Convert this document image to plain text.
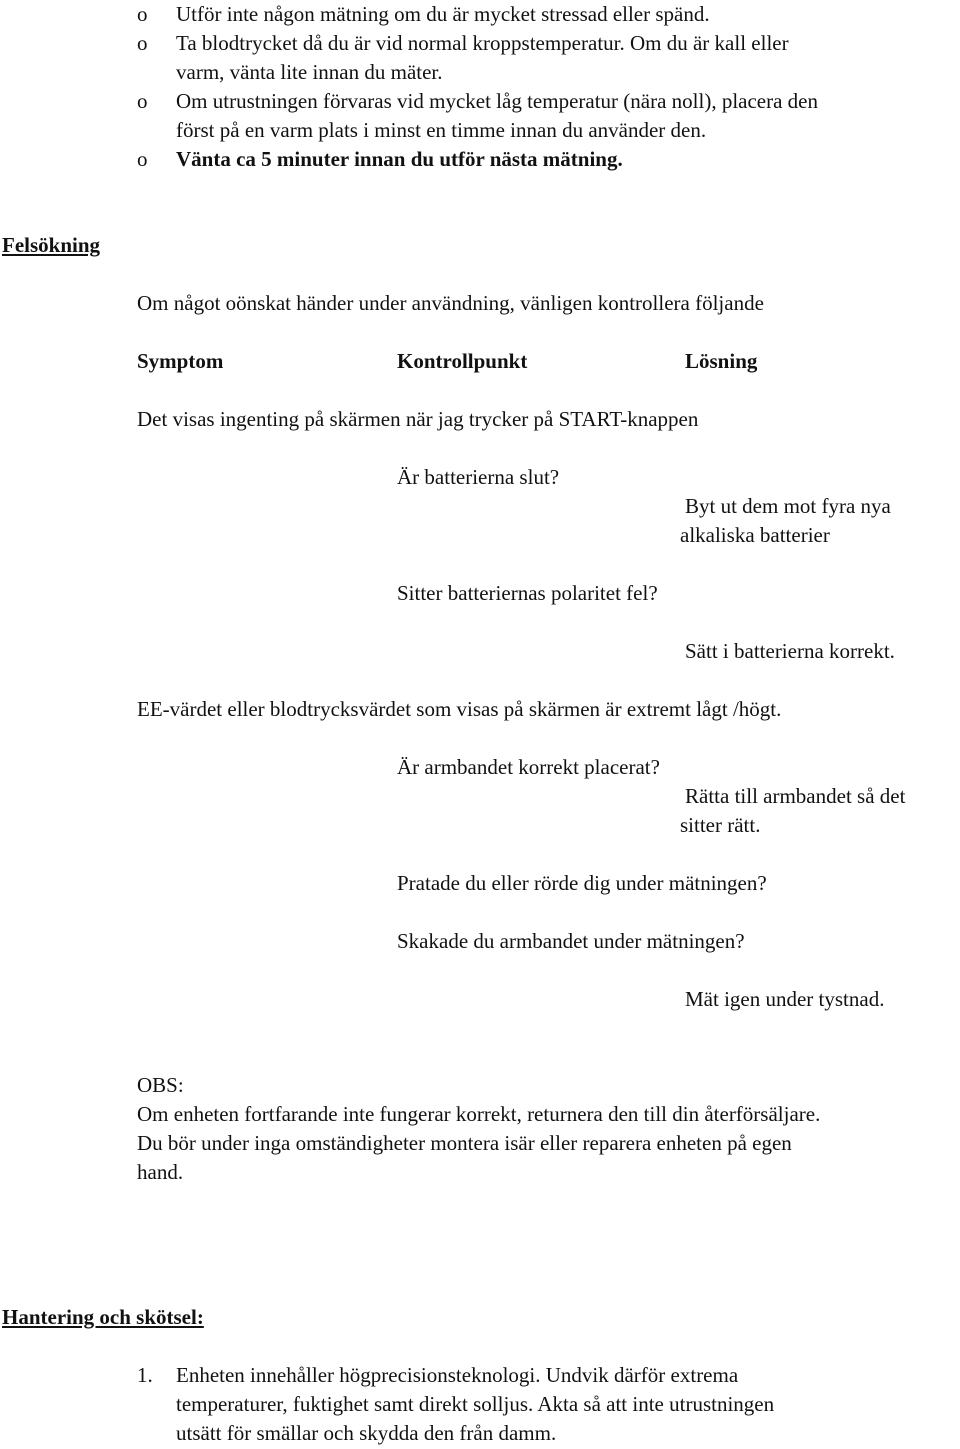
o Utför inte någon mätning om du är mycket stressad eller spänd.
o Ta blodtrycket då du är vid normal kroppstemperatur. Om du är kall eller
varm, vänta lite innan du mäter.
o Om utrustningen förvaras vid mycket låg temperatur (nära noll), placera den
först på en varm plats i minst en timme innan du använder den.
o Vänta ca 5 minuter innan du utför nästa mätning.
Felsökning
Om något oönskat händer under användning, vänligen kontrollera följande
Symptom	Kontrollpunkt	Lösning
Det visas ingenting på skärmen när jag trycker på START-knappen
Är batterierna slut?
Byt ut dem mot fyra nya
alkaliska batterier
Sitter batteriernas polaritet fel?
Sätt i batterierna korrekt.
EE-värdet eller blodtrycksvärdet som visas på skärmen är extremt lågt /högt.
Är armbandet korrekt placerat?
Rätta till armbandet så det
sitter rätt.
Pratade du eller rörde dig under mätningen?
Skakade du armbandet under mätningen?
Mät igen under tystnad.
OBS:
Om enheten fortfarande inte fungerar korrekt, returnera den till din återförsäljare.
Du bör under inga omständigheter montera isär eller reparera enheten på egen
hand.
Hantering och skötsel:
1. Enheten innehåller högprecisionsteknologi. Undvik därför extrema
temperaturer, fuktighet samt direkt solljus. Akta så att inte utrustningen
utsätt för smällar och skydda den från damm.
